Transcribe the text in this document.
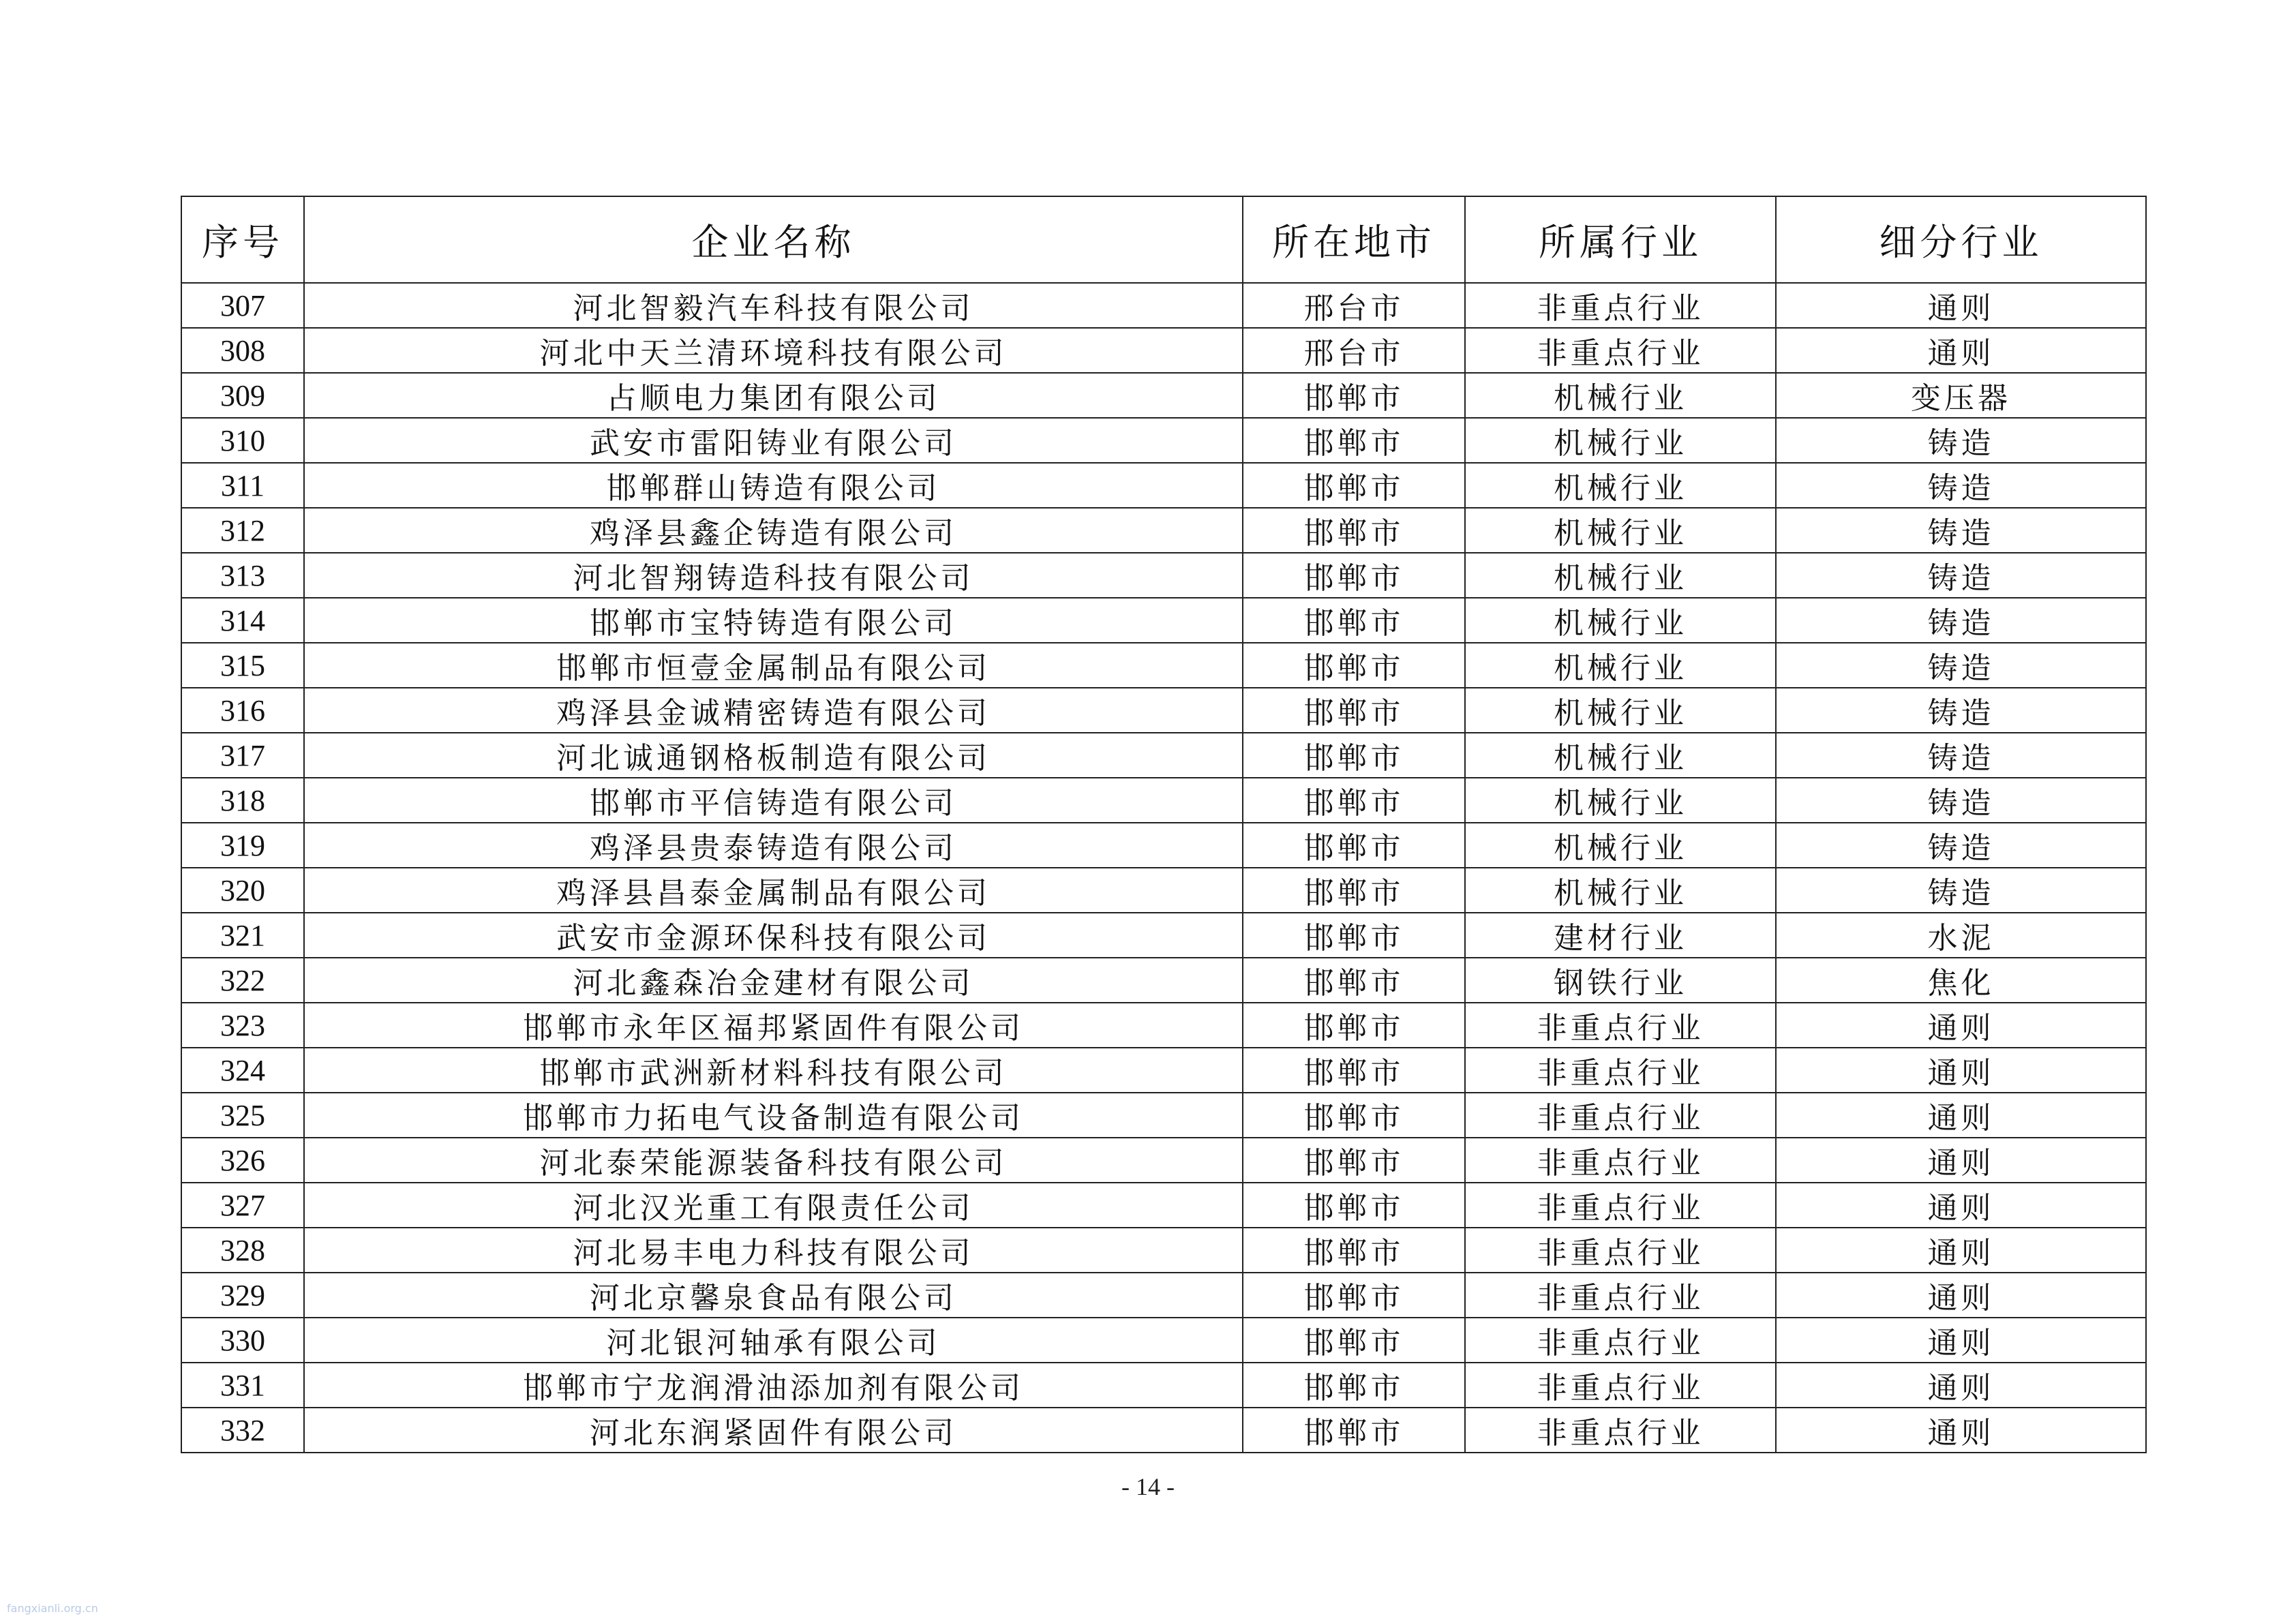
序号	企业名称	所在地市	所属行业	细分行业
307	河北智毅汽车科技有限公司	邢台市	非重点行业	通则
308	河北中天兰清环境科技有限公司	邢台市	非重点行业	通则
309	占顺电力集团有限公司	邯郸市	机械行业	变压器
310	武安市雷阳铸业有限公司	邯郸市	机械行业	铸造
311	邯郸群山铸造有限公司	邯郸市	机械行业	铸造
312	鸡泽县鑫企铸造有限公司	邯郸市	机械行业	铸造
313	河北智翔铸造科技有限公司	邯郸市	机械行业	铸造
314	邯郸市宝特铸造有限公司	邯郸市	机械行业	铸造
315	邯郸市恒壹金属制品有限公司	邯郸市	机械行业	铸造
316	鸡泽县金诚精密铸造有限公司	邯郸市	机械行业	铸造
317	河北诚通钢格板制造有限公司	邯郸市	机械行业	铸造
318	邯郸市平信铸造有限公司	邯郸市	机械行业	铸造
319	鸡泽县贵泰铸造有限公司	邯郸市	机械行业	铸造
320	鸡泽县昌泰金属制品有限公司	邯郸市	机械行业	铸造
321	武安市金源环保科技有限公司	邯郸市	建材行业	水泥
322	河北鑫森冶金建材有限公司	邯郸市	钢铁行业	焦化
323	邯郸市永年区福邦紧固件有限公司	邯郸市	非重点行业	通则
324	邯郸市武洲新材料科技有限公司	邯郸市	非重点行业	通则
325	邯郸市力拓电气设备制造有限公司	邯郸市	非重点行业	通则
326	河北泰荣能源装备科技有限公司	邯郸市	非重点行业	通则
327	河北汉光重工有限责任公司	邯郸市	非重点行业	通则
328	河北易丰电力科技有限公司	邯郸市	非重点行业	通则
329	河北京馨泉食品有限公司	邯郸市	非重点行业	通则
330	河北银河轴承有限公司	邯郸市	非重点行业	通则
331	邯郸市宁龙润滑油添加剂有限公司	邯郸市	非重点行业	通则
332	河北东润紧固件有限公司	邯郸市	非重点行业	通则
- 14 -
fangxianli.org.cn
